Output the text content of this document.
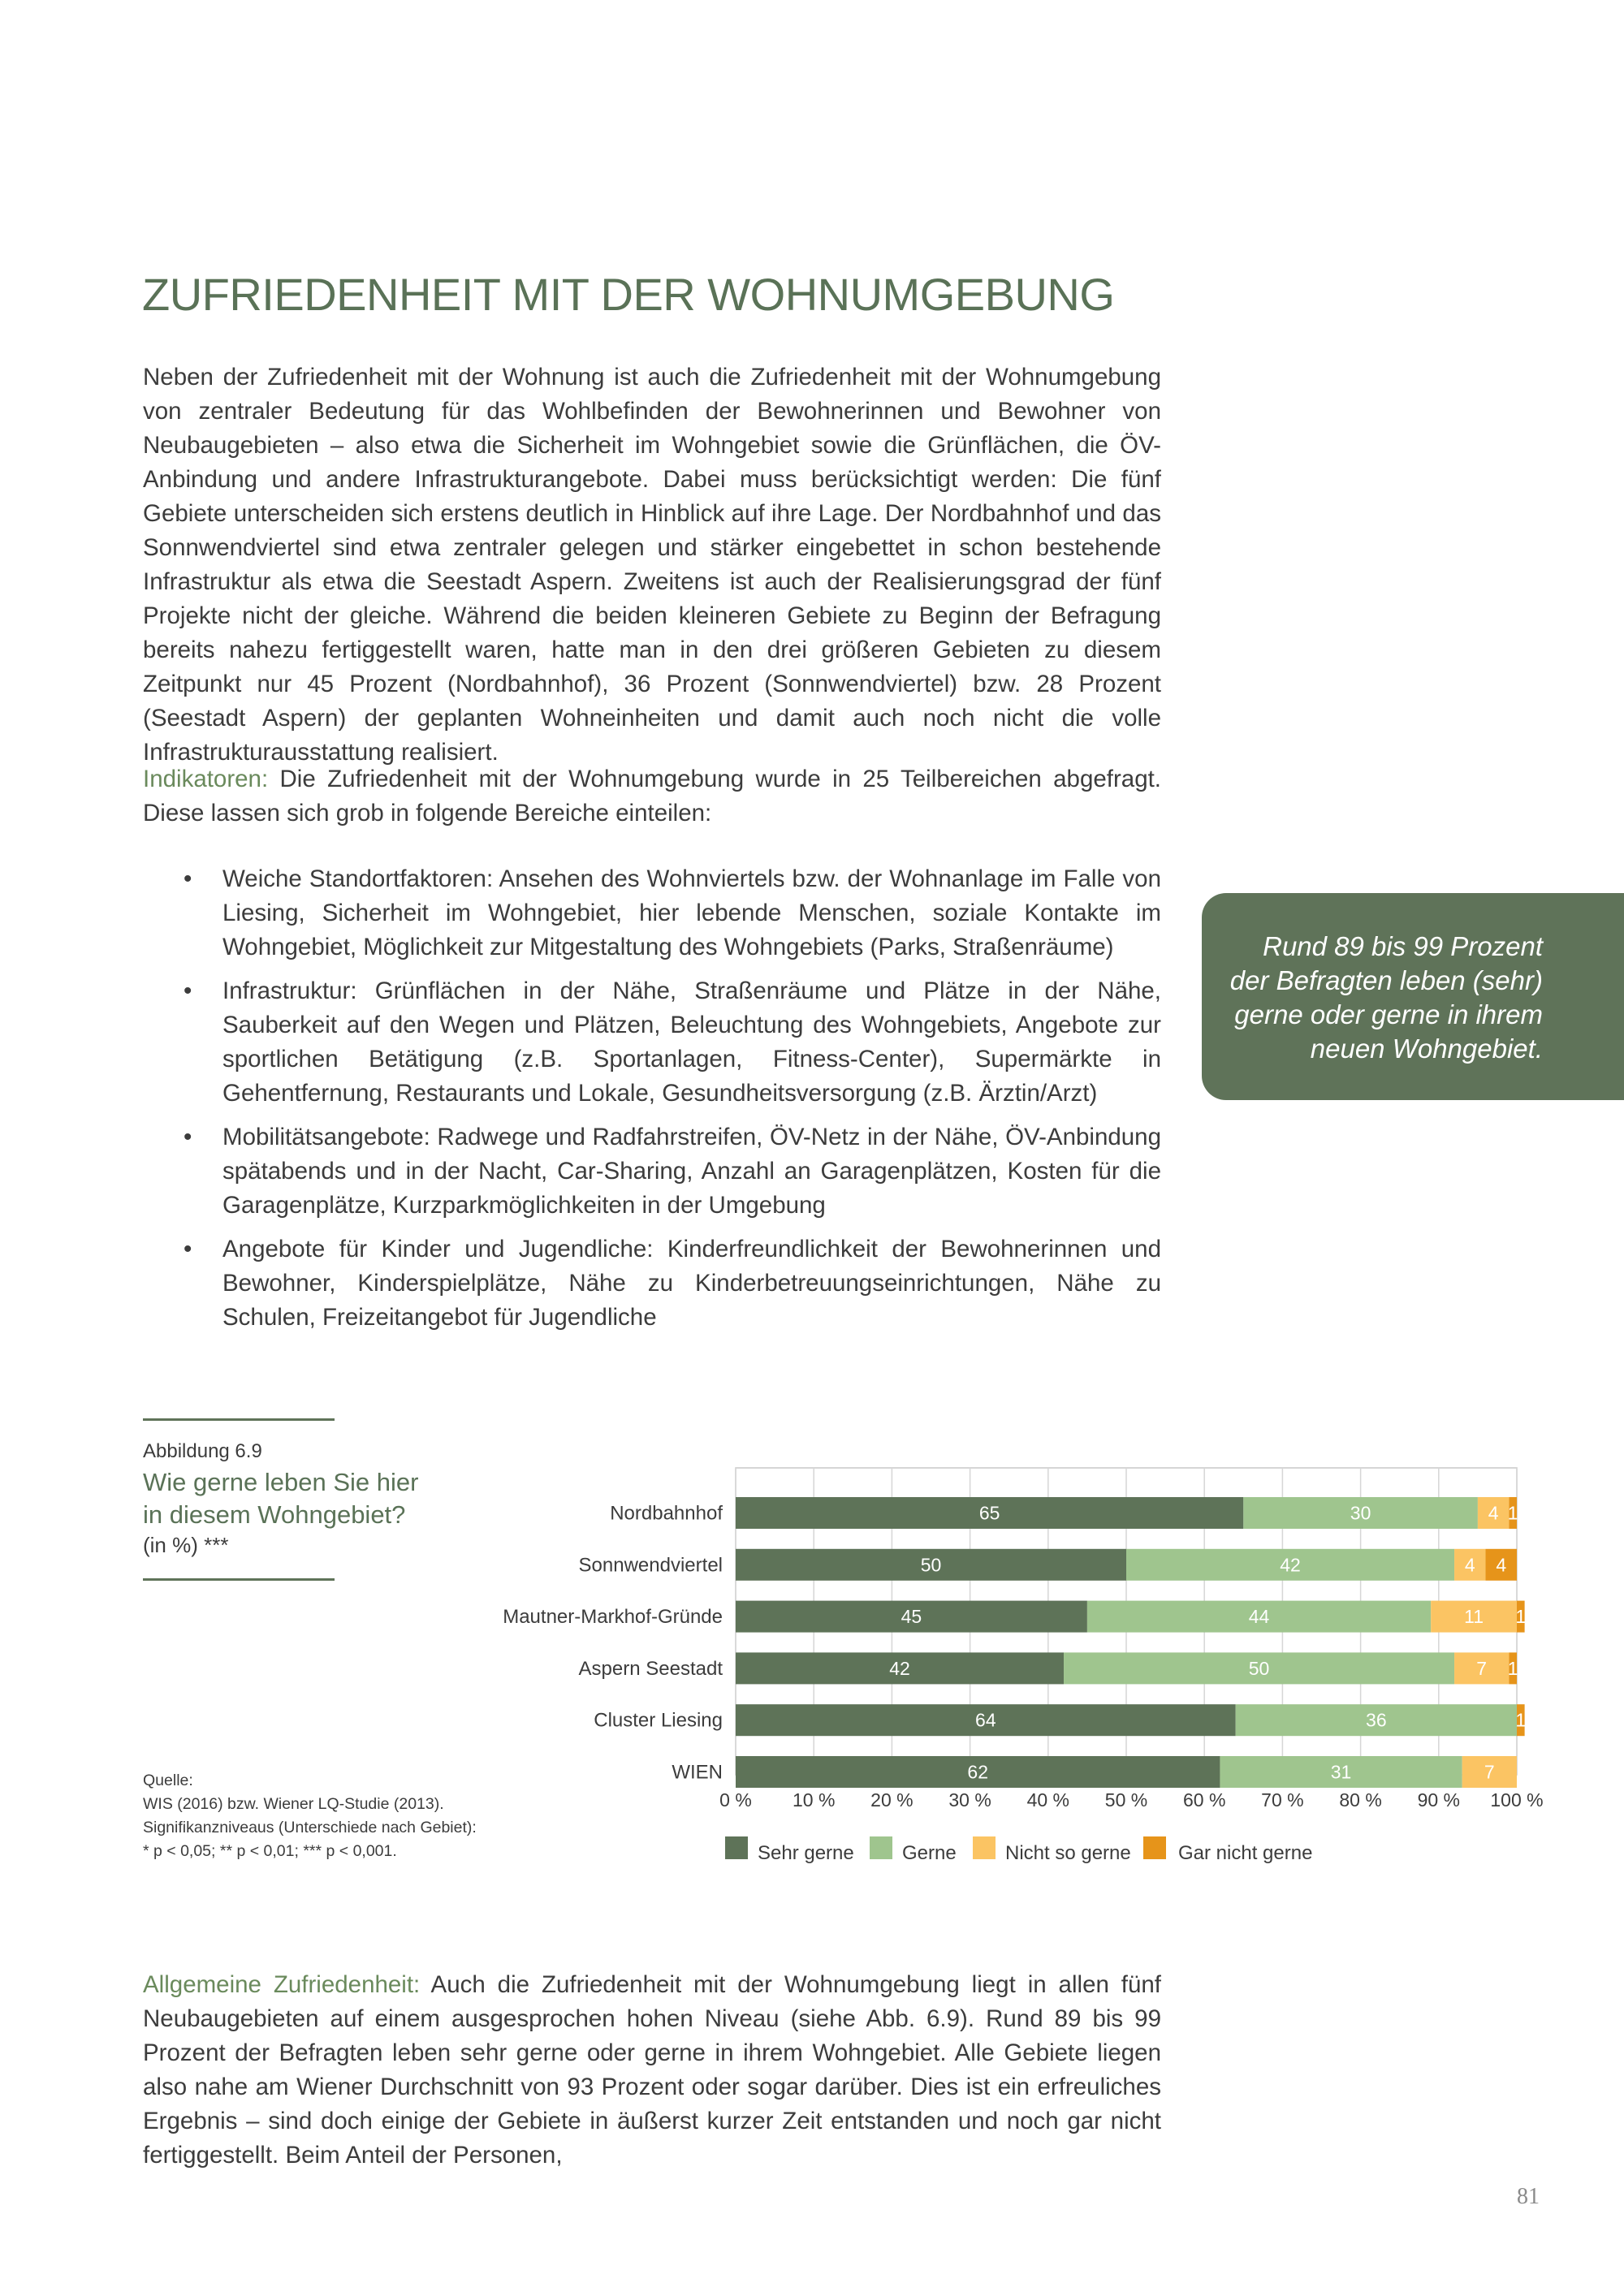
ZUFRIEDENHEIT MIT DER WOHNUMGEBUNG

Neben der Zufriedenheit mit der Wohnung ist auch die Zufriedenheit mit der Wohnumgebung von zentraler Bedeutung für das Wohlbefinden der Bewohnerinnen und Bewohner von Neubaugebieten – also etwa die Sicherheit im Wohngebiet sowie die Grünflächen, die ÖV-Anbindung und andere Infrastrukturangebote. Dabei muss berücksichtigt werden: Die fünf Gebiete unterscheiden sich erstens deutlich in Hinblick auf ihre Lage. Der Nordbahnhof und das Sonnwendviertel sind etwa zentraler gelegen und stärker eingebettet in schon bestehende Infrastruktur als etwa die Seestadt Aspern. Zweitens ist auch der Realisierungsgrad der fünf Projekte nicht der gleiche. Während die beiden kleineren Gebiete zu Beginn der Befragung bereits nahezu fertiggestellt waren, hatte man in den drei größeren Gebieten zu diesem Zeitpunkt nur 45 Prozent (Nordbahnhof), 36 Prozent (Sonnwendviertel) bzw. 28 Prozent (Seestadt Aspern) der geplanten Wohneinheiten und damit auch noch nicht die volle Infrastrukturausstattung realisiert.

Indikatoren: Die Zufriedenheit mit der Wohnumgebung wurde in 25 Teilbereichen abgefragt. Diese lassen sich grob in folgende Bereiche einteilen:

• Weiche Standortfaktoren: Ansehen des Wohnviertels bzw. der Wohnanlage im Falle von Liesing, Sicherheit im Wohngebiet, hier lebende Menschen, soziale Kontakte im Wohngebiet, Möglichkeit zur Mitgestaltung des Wohngebiets (Parks, Straßenräume)
• Infrastruktur: Grünflächen in der Nähe, Straßenräume und Plätze in der Nähe, Sauberkeit auf den Wegen und Plätzen, Beleuchtung des Wohngebiets, Angebote zur sportlichen Betätigung (z.B. Sportanlagen, Fitness-Center), Supermärkte in Gehentfernung, Restaurants und Lokale, Gesundheitsversorgung (z.B. Ärztin/Arzt)
• Mobilitätsangebote: Radwege und Radfahrstreifen, ÖV-Netz in der Nähe, ÖV-Anbindung spätabends und in der Nacht, Car-Sharing, Anzahl an Garagenplätzen, Kosten für die Garagenplätze, Kurzparkmöglichkeiten in der Umgebung
• Angebote für Kinder und Jugendliche: Kinderfreundlichkeit der Bewohnerinnen und Bewohner, Kinderspielplätze, Nähe zu Kinderbetreuungseinrichtungen, Nähe zu Schulen, Freizeitangebot für Jugendliche
Rund 89 bis 99 Prozent der Befragten leben (sehr) gerne oder gerne in ihrem neuen Wohngebiet.
Abbildung 6.9
Wie gerne leben Sie hier in diesem Wohngebiet?
(in %) ***
Quelle:
WIS (2016) bzw. Wiener LQ-Studie (2013).
Signifikanzniveaus (Unterschiede nach Gebiet):
* p < 0,05; ** p < 0,01; *** p < 0,001.
65	30	4 1
50	42	4 4
45	44	11 1
42	50	7 1
64	36	1
62	31	7
0 % 10 % 20 % 30 % 40 % 50 % 60 % 70 % 80 % 90 % 100 %
Nordbahnhof
Sonnwendviertel
Mautner-Markhof-Gründe
Aspern Seestadt
Cluster Liesing
WIEN
Sehr gerne Gerne	Nicht so gerne Gar nicht gerne

Allgemeine Zufriedenheit: Auch die Zufriedenheit mit der Wohnumgebung liegt in allen fünf Neubaugebieten auf einem ausgesprochen hohen Niveau (siehe Abb. 6.9). Rund 89 bis 99 Prozent der Befragten leben sehr gerne oder gerne in ihrem Wohngebiet. Alle Gebiete liegen also nahe am Wiener Durchschnitt von 93 Prozent oder sogar darüber. Dies ist ein erfreuliches Ergebnis – sind doch einige der Gebiete in äußerst kurzer Zeit entstanden und noch gar nicht fertiggestellt. Beim Anteil der Personen,

81
